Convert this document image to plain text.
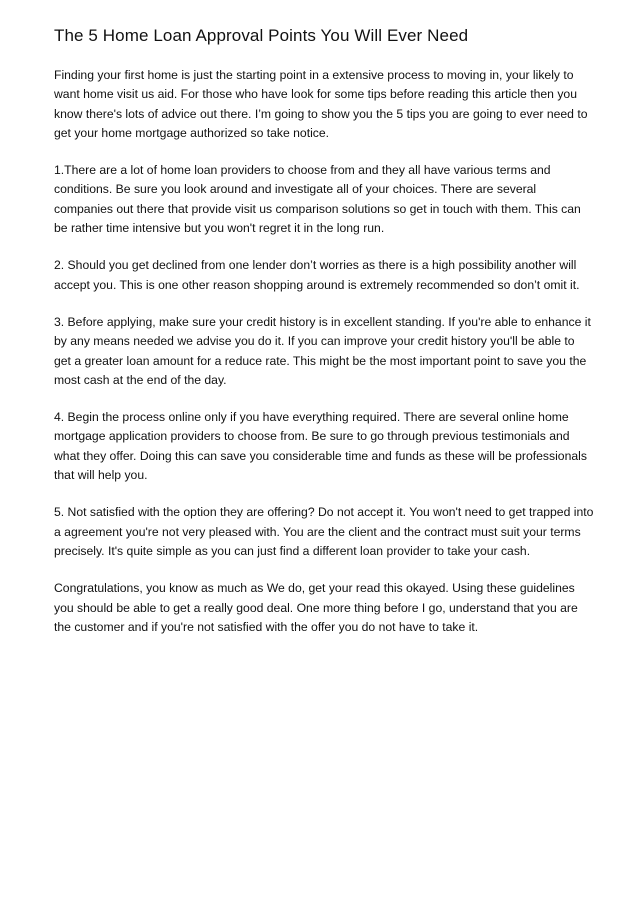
The 5 Home Loan Approval Points You Will Ever Need

Finding your first home is just the starting point in a extensive process to moving in, your likely to want home visit us aid. For those who have look for some tips before reading this article then you know there's lots of advice out there. I’m going to show you the 5 tips you are going to ever need to get your home mortgage authorized so take notice.

1.There are a lot of home loan providers to choose from and they all have various terms and conditions. Be sure you look around and investigate all of your choices. There are several companies out there that provide visit us comparison solutions so get in touch with them. This can be rather time intensive but you won't regret it in the long run.

2. Should you get declined from one lender don’t worries as there is a high possibility another will accept you. This is one other reason shopping around is extremely recommended so don’t omit it.

3. Before applying, make sure your credit history is in excellent standing. If you're able to enhance it by any means needed we advise you do it. If you can improve your credit history you'll be able to get a greater loan amount for a reduce rate. This might be the most important point to save you the most cash at the end of the day.

4. Begin the process online only if you have everything required. There are several online home mortgage application providers to choose from. Be sure to go through previous testimonials and what they offer. Doing this can save you considerable time and funds as these will be professionals that will help you.

5. Not satisfied with the option they are offering? Do not accept it. You won't need to get trapped into a agreement you're not very pleased with. You are the client and the contract must suit your terms precisely. It's quite simple as you can just find a different loan provider to take your cash.

Congratulations, you know as much as We do, get your read this okayed. Using these guidelines you should be able to get a really good deal. One more thing before I go, understand that you are the customer and if you're not satisfied with the offer you do not have to take it.
